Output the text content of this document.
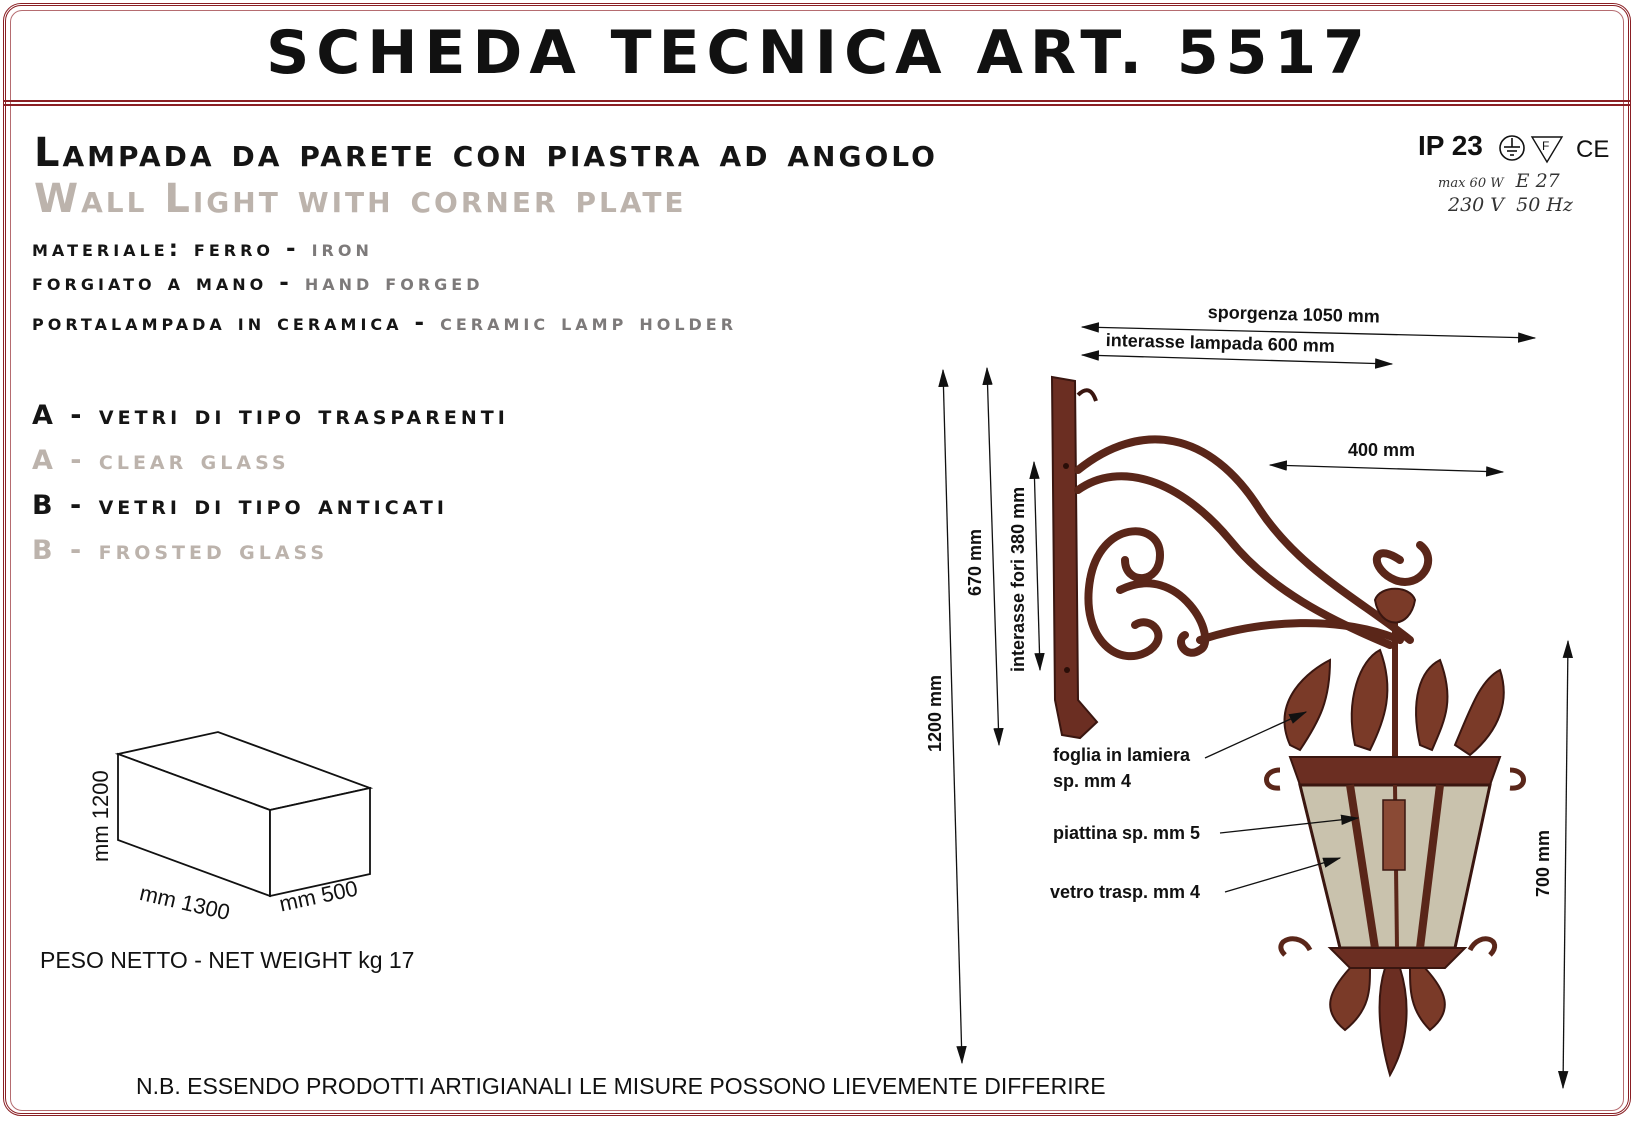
SCHEDA TECNICA ART. 5517
Lampada da parete con piastra ad angolo
Wall Light with corner plate
materiale: ferro - iron
forgiato a mano - hand forged
portalampada in ceramica - ceramic lamp holder
A - vetri di tipo trasparenti
A - clear glass
B - vetri di tipo anticati
B - frosted glass
IP 23	F CE
max 60 W E 27
230 V 50 Hz
mm 1200
mm 1300 mm 500
PESO NETTO - NET WEIGHT kg 17
sporgenza 1050 mm
interasse lampada 600 mm
400 mm
1200 mm
670 mm interasse fori 380 mm
700 mm
foglia in lamiera
sp. mm 4
piattina sp. mm 5
vetro trasp. mm 4
N.B. ESSENDO PRODOTTI ARTIGIANALI LE MISURE POSSONO LIEVEMENTE DIFFERIRE
